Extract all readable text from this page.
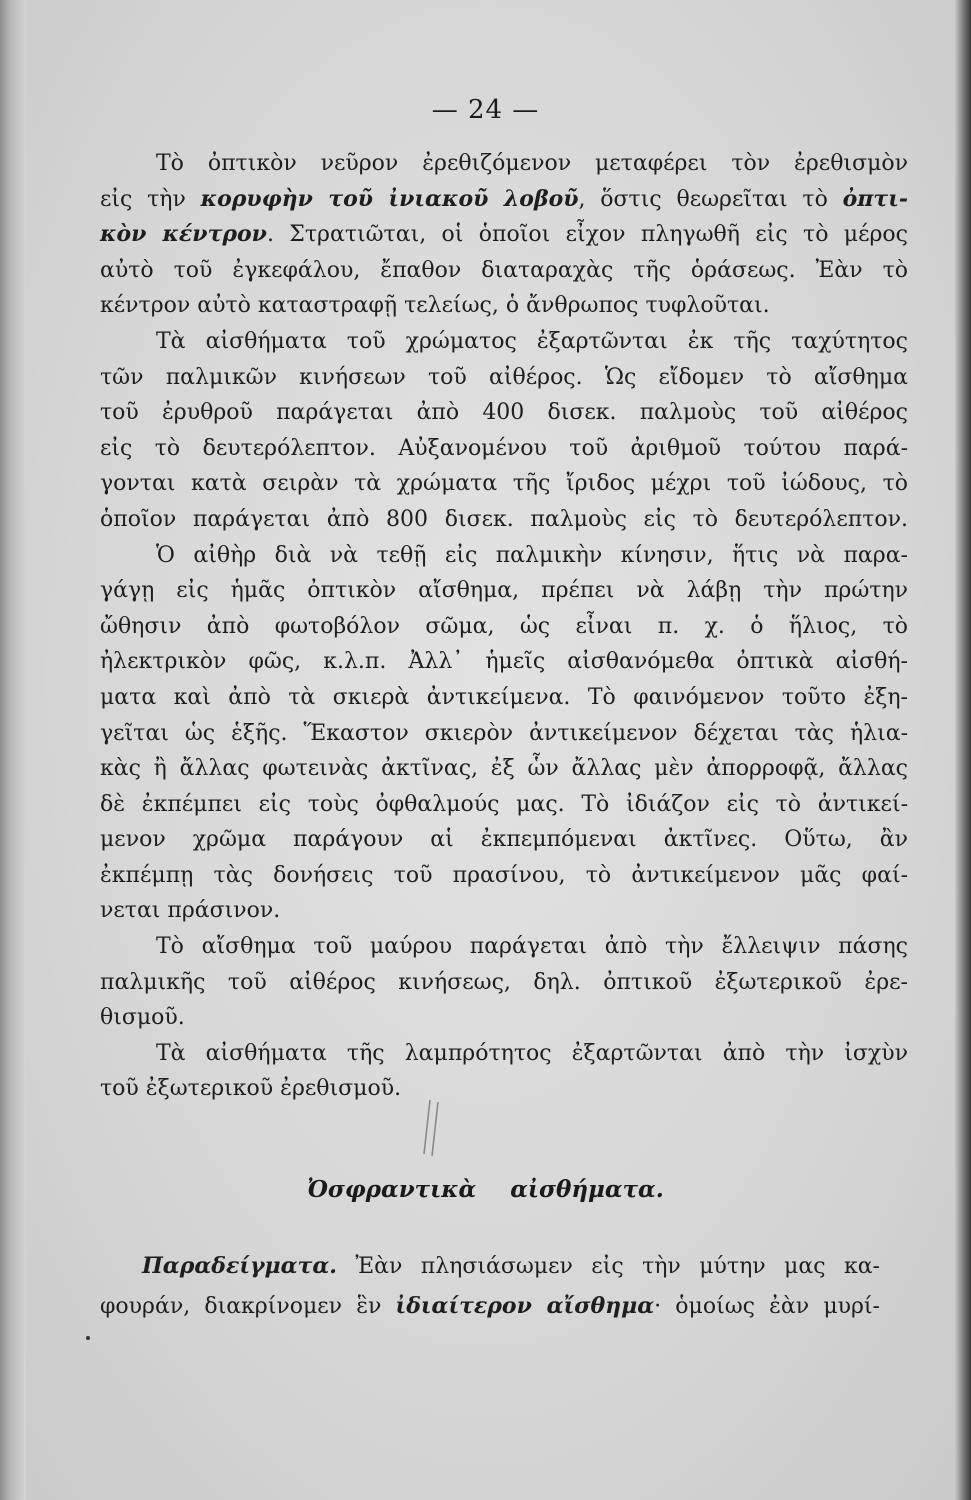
— 24 —
Τὸ ὀπτικὸν νεῦρον ἐρεθιζόμενον μεταφέρει τὸν ἐρεθισμὸν
εἰς τὴν κορυφὴν τοῦ ἰνιακοῦ λοβοῦ, ὅστις θεωρεῖται τὸ ὀπτι-
κὸν κέντρον. Στρατιῶται, οἱ ὁποῖοι εἶχον πληγωθῆ εἰς τὸ μέρος
αὐτὸ τοῦ ἐγκεφάλου, ἔπαθον διαταραχὰς τῆς ὁράσεως. Ἐὰν τὸ
κέντρον αὐτὸ καταστραφῇ τελείως, ὁ ἄνθρωπος τυφλοῦται.
Τὰ αἰσθήματα τοῦ χρώματος ἐξαρτῶνται ἐκ τῆς ταχύτητος
τῶν παλμικῶν κινήσεων τοῦ αἰθέρος. Ὡς εἴδομεν τὸ αἴσθημα
τοῦ ἐρυθροῦ παράγεται ἀπὸ 400 δισεκ. παλμοὺς τοῦ αἰθέρος
εἰς τὸ δευτερόλεπτον. Αὐξανομένου τοῦ ἀριθμοῦ τούτου παρά-
γονται κατὰ σειρὰν τὰ χρώματα τῆς ἴριδος μέχρι τοῦ ἰώδους, τὸ
ὁποῖον παράγεται ἀπὸ 800 δισεκ. παλμοὺς εἰς τὸ δευτερόλεπτον.
Ὁ αἰθὴρ διὰ νὰ τεθῇ εἰς παλμικὴν κίνησιν, ἥτις νὰ παρα-
γάγῃ εἰς ἡμᾶς ὀπτικὸν αἴσθημα, πρέπει νὰ λάβῃ τὴν πρώτην
ὤθησιν ἀπὸ φωτοβόλον σῶμα, ὡς εἶναι π. χ. ὁ ἥλιος, τὸ
ἠλεκτρικὸν φῶς, κ.λ.π. Ἀλλ᾽ ἡμεῖς αἰσθανόμεθα ὀπτικὰ αἰσθή-
ματα καὶ ἀπὸ τὰ σκιερὰ ἀντικείμενα. Τὸ φαινόμενον τοῦτο ἐξη-
γεῖται ὡς ἑξῆς. Ἕκαστον σκιερὸν ἀντικείμενον δέχεται τὰς ἡλια-
κὰς ἢ ἄλλας φωτεινὰς ἀκτῖνας, ἐξ ὧν ἄλλας μὲν ἀπορροφᾷ, ἄλλας
δὲ ἐκπέμπει εἰς τοὺς ὀφθαλμούς μας. Τὸ ἰδιάζον εἰς τὸ ἀντικεί-
μενον χρῶμα παράγουν αἱ ἐκπεμπόμεναι ἀκτῖνες. Οὕτω, ἂν
ἐκπέμπῃ τὰς δονήσεις τοῦ πρασίνου, τὸ ἀντικείμενον μᾶς φαί-
νεται πράσινον.
Τὸ αἴσθημα τοῦ μαύρου παράγεται ἀπὸ τὴν ἔλλειψιν πάσης
παλμικῆς τοῦ αἰθέρος κινήσεως, δηλ. ὀπτικοῦ ἐξωτερικοῦ ἐρε-
θισμοῦ.
Τὰ αἰσθήματα τῆς λαμπρότητος ἐξαρτῶνται ἀπὸ τὴν ἰσχὺν
τοῦ ἐξωτερικοῦ ἐρεθισμοῦ.
Ὀσφραντικὰ αἰσθήματα.
Παραδείγματα. Ἐὰν πλησιάσωμεν εἰς τὴν μύτην μας κα-
φουράν, διακρίνομεν ἓν ἰδιαίτερον αἴσθημα· ὁμοίως ἐὰν μυρί-
